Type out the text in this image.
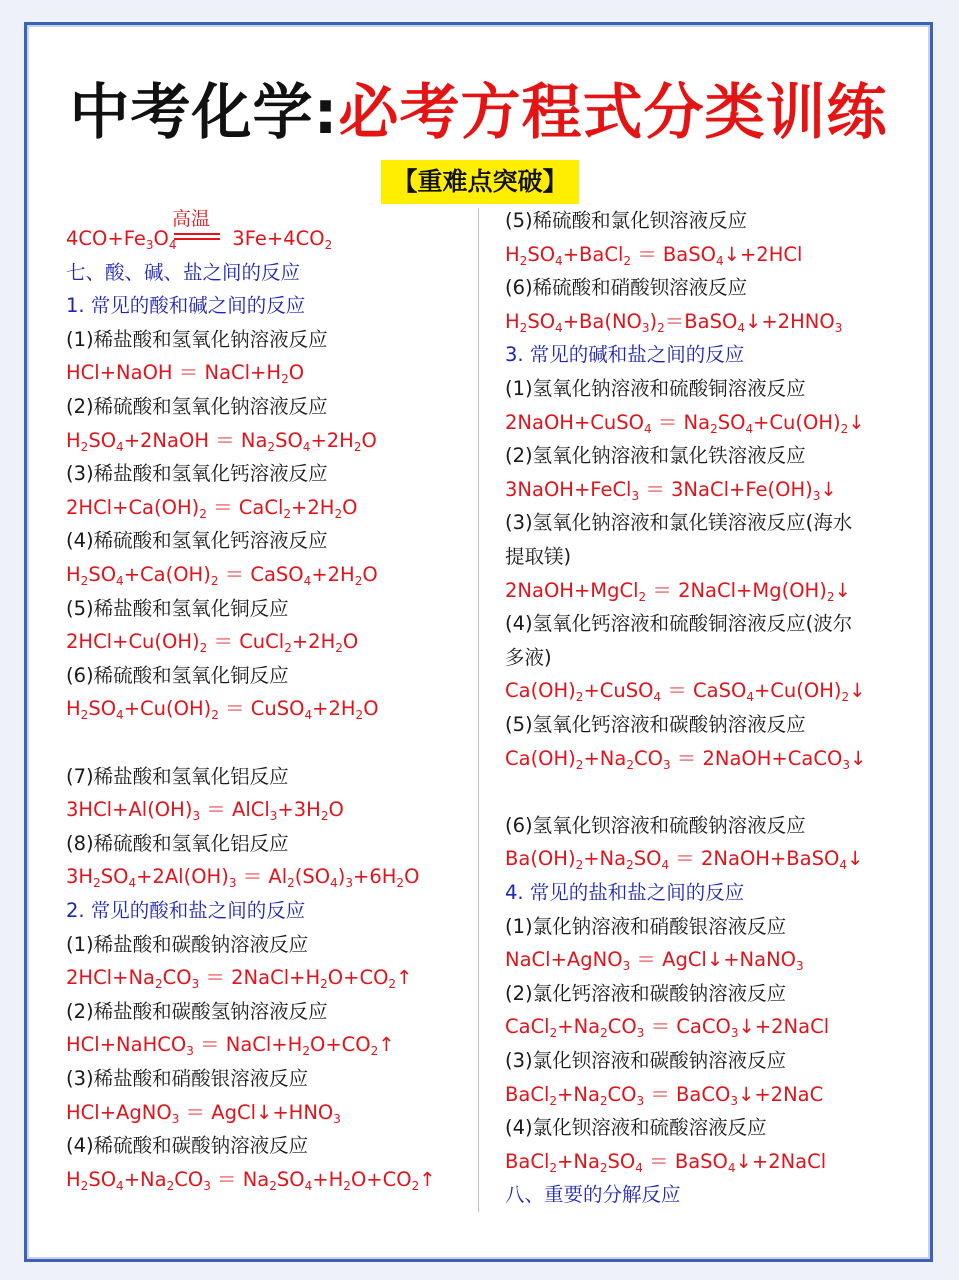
中考化学:必考方程式分类训练
【重难点突破】
高温
$4CO+Fe_3O_4$         $3Fe+4CO_2$
七、酸、碱、盐之间的反应
1. 常见的酸和碱之间的反应
(1)稀盐酸和氢氧化钠溶液反应
HCl+NaOH ＝ $NaCl+H_2O$
(2)稀硫酸和氢氧化钠溶液反应
$H_2SO_4+2NaOH = Na_2SO_4+2H_2O$
(3)稀盐酸和氢氧化钙溶液反应
$2HCl+Ca(OH)_2$ ＝ $CaCl_2+2H_2O$
(4)稀硫酸和氢氧化钙溶液反应
$H_2SO_4+Ca(OH)_2$ ＝ $CaSO_4+2H_2O$
(5)稀盐酸和氢氧化铜反应
$2HCl+Cu(OH)_2$ ＝ $CuCl_2+2H_2O$
(6)稀硫酸和氢氧化铜反应
$H_2SO_4+Cu(OH)_2$ ＝ $CuSO_4+2H_2O$
(7)稀盐酸和氢氧化铝反应
$3HCl+Al(OH)_3$ ＝ $AlCl_3+3H_2O$
(8)稀硫酸和氢氧化铝反应
$3H_2SO_4+2Al(OH)_3 = Al_2(SO_4)_3+6H_2O$
2. 常见的酸和盐之间的反应
(1)稀盐酸和碳酸钠溶液反应
$2HCl+Na_2CO_3$ ＝ $2NaCl+H_2O+CO_2↑$
(2)稀盐酸和碳酸氢钠溶液反应
HCl+NaHCO$_3$ ＝ $NaCl+H_2O+CO_2↑$
(3)稀盐酸和硝酸银溶液反应
HCl+AgNO$_3$ ＝ $AgCl↓+HNO_3$
(4)稀硫酸和碳酸钠溶液反应
$H_2SO_4+Na_2CO_3$ ＝ $Na_2SO_4+H_2O+CO_2↑$
(5)稀硫酸和氯化钡溶液反应
$H_2SO_4+BaCl_2$ ＝ BaSO$_4$↓+2HCl
(6)稀硫酸和硝酸钡溶液反应
$H_2SO_4+Ba(NO_3)_2=BaSO_4↓+2HNO_3$
3. 常见的碱和盐之间的反应
(1)氢氧化钠溶液和硫酸铜溶液反应
2NaOH+CuSO$_4$ ＝ $Na_2SO_4+Cu(OH)_2↓$
(2)氢氧化钠溶液和氯化铁溶液反应
3NaOH+FeCl$_3$ ＝ $3NaCl+Fe(OH)_3↓$
(3)氢氧化钠溶液和氯化镁溶液反应(海水
提取镁)
2NaOH+MgCl$_2$ ＝ $2NaCl+Mg(OH)_2↓$
(4)氢氧化钙溶液和硫酸铜溶液反应(波尔
多液)
$Ca(OH)_2+CuSO_4$ ＝ $CaSO_4+Cu(OH)_2↓$
(5)氢氧化钙溶液和碳酸钠溶液反应
$Ca(OH)_2+Na_2CO_3$ ＝ 2NaOH+CaCO$_3$↓
(6)氢氧化钡溶液和硫酸钠溶液反应
$Ba(OH)_2+Na_2SO_4$ ＝ 2NaOH+BaSO$_4$↓
4. 常见的盐和盐之间的反应
(1)氯化钠溶液和硝酸银溶液反应
NaCl+AgNO$_3$ ＝ AgCl↓+NaNO$_3$
(2)氯化钙溶液和碳酸钠溶液反应
$CaCl_2+Na_2CO_3$ ＝ CaCO$_3$↓+2NaCl
(3)氯化钡溶液和碳酸钠溶液反应
$BaCl_2+Na_2CO_3$ ＝ BaCO$_3$↓+2NaC
(4)氯化钡溶液和硫酸溶液反应
$BaCl_2+Na_2SO_4$ ＝ BaSO$_4$↓+2NaCl
八、重要的分解反应
